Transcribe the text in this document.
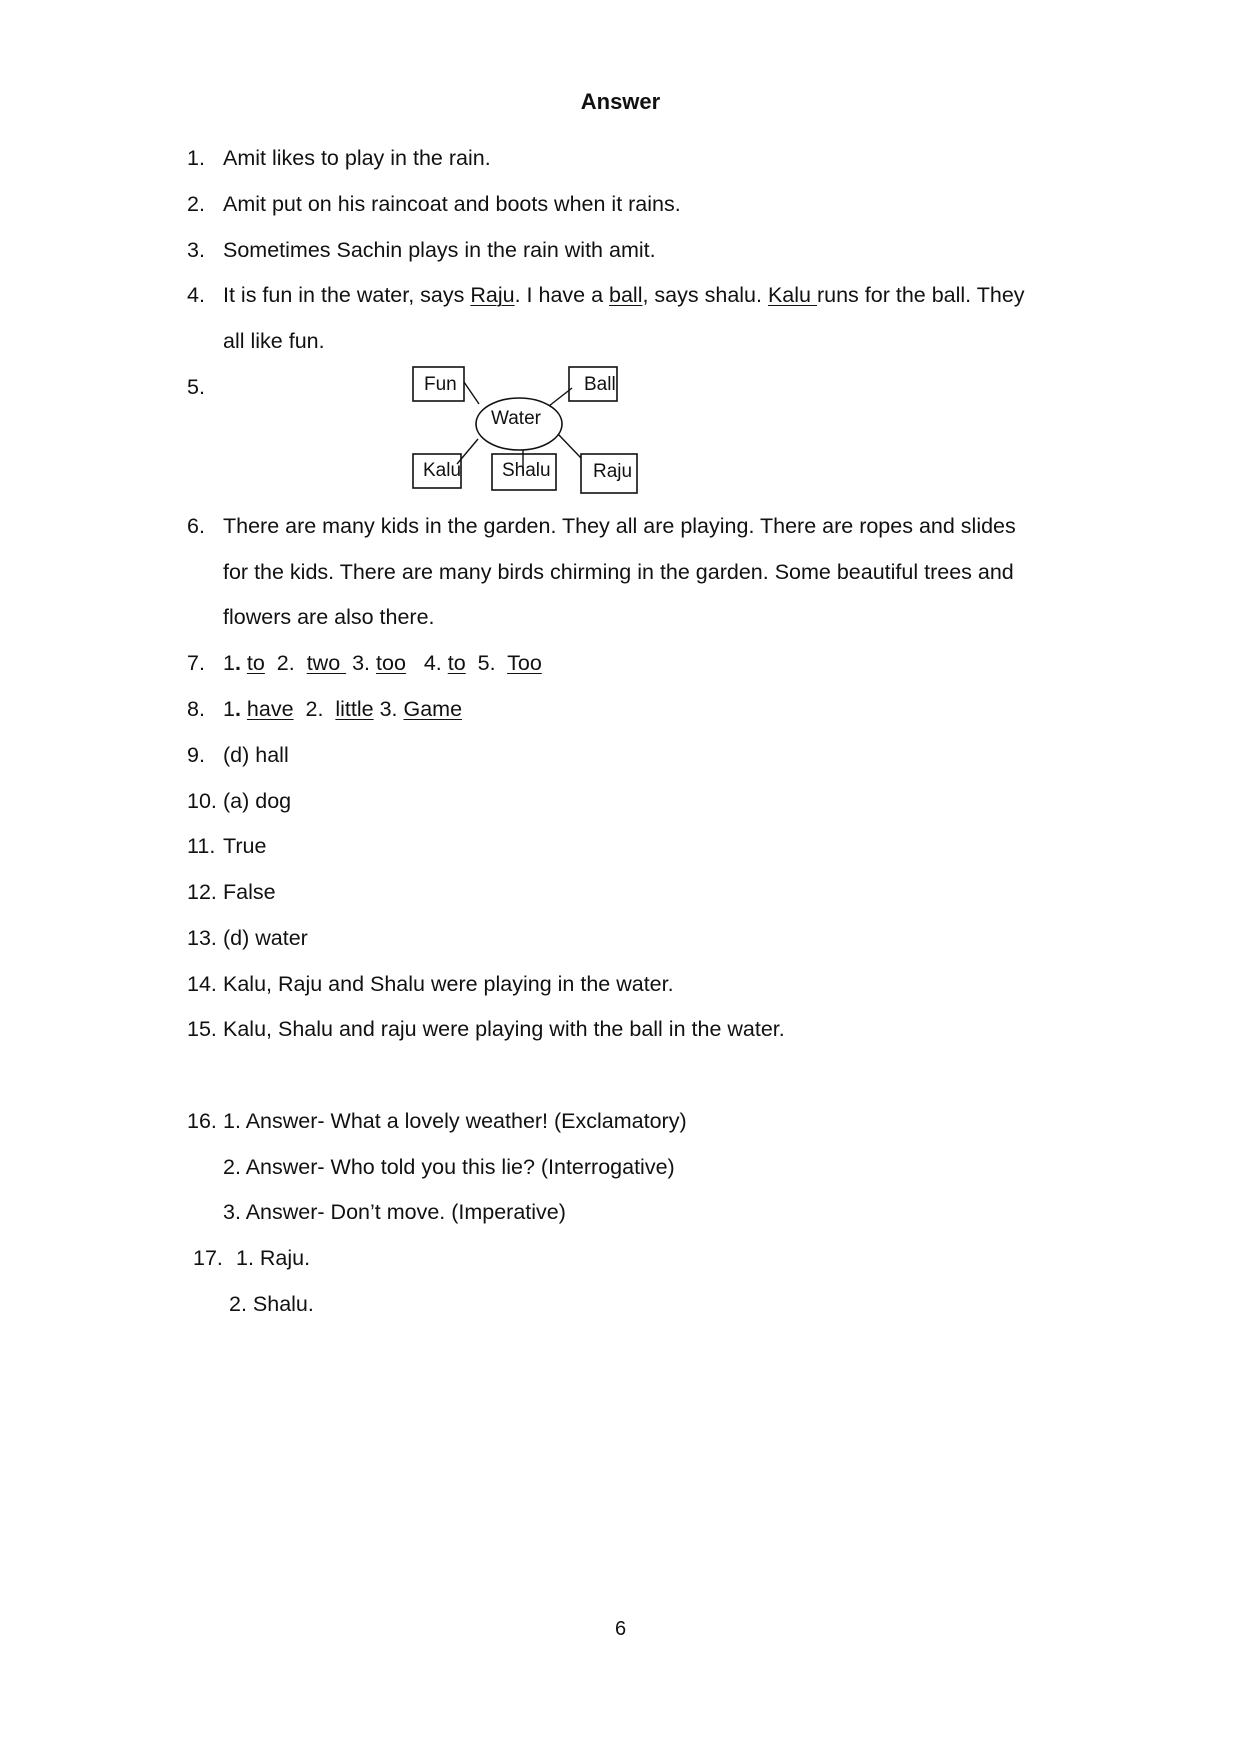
Answer
1. Amit likes to play in the rain.
2. Amit put on his raincoat and boots when it rains.
3. Sometimes Sachin plays in the rain with amit.
4. It is fun in the water, says Raju. I have a ball, says shalu. Kalu runs for the ball. They
all like fun.
5.	Fun	Ball
Water
Kalu Shalu Raju
6. There are many kids in the garden. They all are playing. There are ropes and slides
for the kids. There are many birds chirming in the garden. Some beautiful trees and
flowers are also there.
7. 1. to  2.  two  3. too   4. to  5.  Too
8. 1. have  2.  little 3. Game
9. (d) hall
10. (a) dog
11. True
12. False
13. (d) water
14. Kalu, Raju and Shalu were playing in the water.
15. Kalu, Shalu and raju were playing with the ball in the water.
16. 1. Answer- What a lovely weather! (Exclamatory)
2. Answer- Who told you this lie? (Interrogative)
3. Answer- Don’t move. (Imperative)
17. 1. Raju.
2. Shalu.
6
